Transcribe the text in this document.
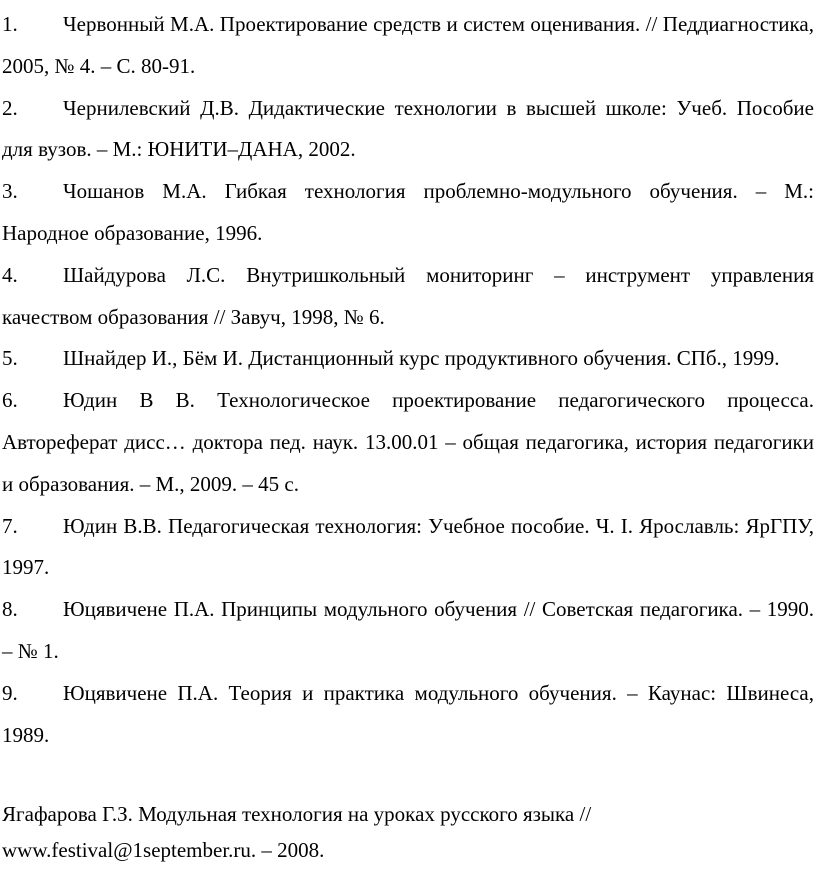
1. Червонный М.А. Проектирование средств и систем оценивания. // Педдиагностика, 2005, № 4. – С. 80-91.

2. Чернилевский Д.В. Дидактические технологии в высшей школе: Учеб. Пособие для вузов. – М.: ЮНИТИ–ДАНА, 2002.

3. Чошанов М.А. Гибкая технология проблемно-модульного обучения. – М.: Народное образование, 1996.

4. Шайдурова Л.С. Внутришкольный мониторинг – инструмент управления качеством образования // Завуч, 1998, № 6.

5. Шнайдер И., Бём И. Дистанционный курс продуктивного обучения. СПб., 1999.

6. Юдин В В. Технологическое проектирование педагогического процесса. Автореферат дисс… доктора пед. наук. 13.00.01 – общая педагогика, история педагогики и образования. – М., 2009. – 45 с.

7. Юдин В.В. Педагогическая технология: Учебное пособие. Ч. I. Ярославль: ЯрГПУ, 1997.

8. Юцявичене П.А. Принципы модульного обучения // Советская педагогика. – 1990. – № 1.

9. Юцявичене П.А. Теория и практика модульного обучения. – Каунас: Швинеса, 1989.

Ягафарова Г.З. Модульная технология на уроках русского языка // www.festival@1september.ru. – 2008.
